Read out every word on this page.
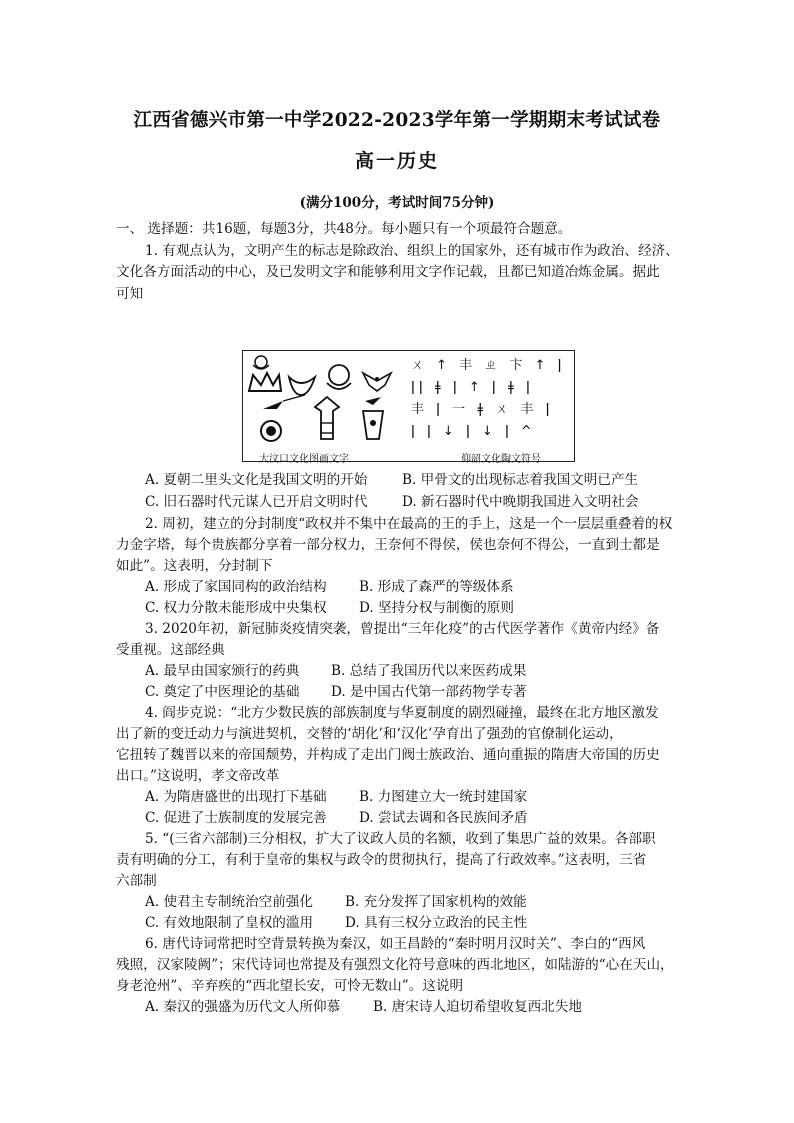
江西省德兴市第一中学2022-2023学年第一学期期末考试试卷
高一历史
(满分100分，考试时间75分钟)
一、 选择题：共16题，每题3分，共48分。每小题只有一个项最符合题意。
1. 有观点认为，文明产生的标志是除政治、组织上的国家外，还有城市作为政治、经济、
文化各方面活动的中心，及已发明文字和能够利用文字作记载，且都已知道冶炼金属。据此
可知
ㄨ ↑ 丰 ㄓ 卞 ↑ ǀ
ǀǀ ǂ ǀ ↑ ǀ ǂ ǀ
丰 ǀ 一 ǂ ㄨ 丰 ǀ
ǀ ǀ ↓ ǀ ↓ ǀ ^
大汶口文化图画文字	仰韶文化陶文符号
A. 夏朝二里头文化是我国文明的开始	B. 甲骨文的出现标志着我国文明已产生
C. 旧石器时代元谋人已开启文明时代	D. 新石器时代中晚期我国进入文明社会
2. 周初，建立的分封制度“政权并不集中在最高的王的手上，这是一个一层层重叠着的权
力金字塔，每个贵族都分享着一部分权力，王奈何不得侯，侯也奈何不得公，一直到士都是
如此”。这表明，分封制下
A. 形成了家国同构的政治结构 B. 形成了森严的等级体系
C. 权力分散未能形成中央集权 D. 坚持分权与制衡的原则
3. 2020年初，新冠肺炎疫情突袭，曾提出“三年化疫”的古代医学著作《黄帝内经》备
受重视。这部经典
A. 最早由国家颁行的药典 B. 总结了我国历代以来医药成果
C. 奠定了中医理论的基础 D. 是中国古代第一部药物学专著
4. 阎步克说：“北方少数民族的部族制度与华夏制度的剧烈碰撞，最终在北方地区激发
出了新的变迁动力与演进契机，交替的‘胡化’和‘汉化’孕育出了强劲的官僚制化运动，
它扭转了魏晋以来的帝国颓势，并构成了走出门阀士族政治、通向重振的隋唐大帝国的历史
出口。”这说明，孝文帝改革
A. 为隋唐盛世的出现打下基础 B. 力图建立大一统封建国家
C. 促进了士族制度的发展完善 D. 尝试去调和各民族间矛盾
5. “(三省六部制)三分相权，扩大了议政人员的名额，收到了集思广益的效果。各部职
责有明确的分工，有利于皇帝的集权与政令的贯彻执行，提高了行政效率。”这表明，三省
六部制
A. 使君主专制统治空前强化 B. 充分发挥了国家机构的效能
C. 有效地限制了皇权的滥用 D. 具有三权分立政治的民主性
6. 唐代诗词常把时空背景转换为秦汉，如王昌龄的“秦时明月汉时关”、李白的“西风
残照，汉家陵阙”；宋代诗词也常提及有强烈文化符号意味的西北地区，如陆游的“心在天山，
身老沧州”、辛弃疾的“西北望长安，可怜无数山”。这说明
A. 秦汉的强盛为历代文人所仰慕 B. 唐宋诗人迫切希望收复西北失地
